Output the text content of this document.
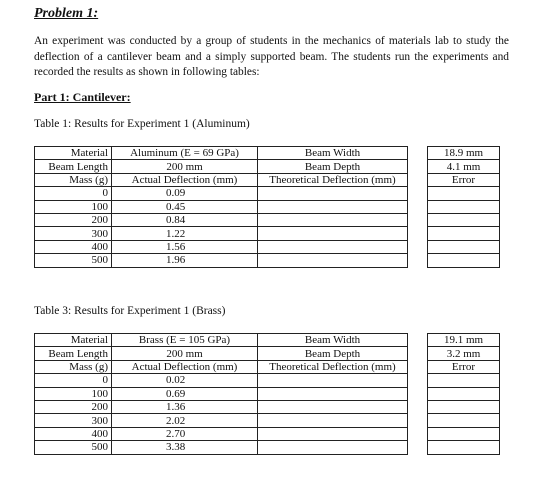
Problem 1:
An experiment was conducted by a group of students in the mechanics of materials lab to study the deflection of a cantilever beam and a simply supported beam. The students run the experiments and recorded the results as shown in following tables:
Part 1: Cantilever:
Table 1: Results for Experiment 1 (Aluminum)
Material	Aluminum (E = 69 GPa)	Beam Width		18.9 mm
Beam Length	200 mm	Beam Depth		4.1 mm
Mass (g)	Actual Deflection (mm)	Theoretical Deflection (mm)		Error
0	0.09			
100	0.45			
200	0.84			
300	1.22			
400	1.56			
500	1.96			
Table 3: Results for Experiment 1 (Brass)
Material	Brass (E = 105 GPa)	Beam Width		19.1 mm
Beam Length	200 mm	Beam Depth		3.2 mm
Mass (g)	Actual Deflection (mm)	Theoretical Deflection (mm)		Error
0	0.02			
100	0.69			
200	1.36			
300	2.02			
400	2.70			
500	3.38			
